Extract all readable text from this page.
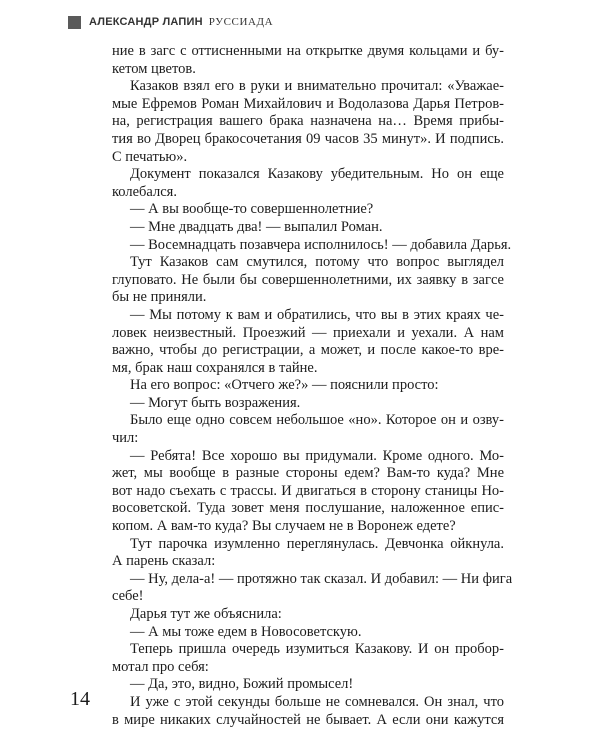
АЛЕКСАНДР ЛАПИН РУССИАДА
ние в загс с оттисненными на открытке двумя кольцами и бу-
кетом цветов.
Казаков взял его в руки и внимательно прочитал: «Уважае-
мые Ефремов Роман Михайлович и Водолазова Дарья Петров-
на, регистрация вашего брака назначена на… Время прибы-
тия во Дворец бракосочетания 09 часов 35 минут». И подпись.
С печатью».
Документ показался Казакову убедительным. Но он еще
колебался.
— А вы вообще-то совершеннолетние?
— Мне двадцать два! — выпалил Роман.
— Восемнадцать позавчера исполнилось! — добавила Дарья.
Тут Казаков сам смутился, потому что вопрос выглядел
глуповато. Не были бы совершеннолетними, их заявку в загсе
бы не приняли.
— Мы потому к вам и обратились, что вы в этих краях че-
ловек неизвестный. Проезжий — приехали и уехали. А нам
важно, чтобы до регистрации, а может, и после какое-то вре-
мя, брак наш сохранялся в тайне.
На его вопрос: «Отчего же?» — пояснили просто:
— Могут быть возражения.
Было еще одно совсем небольшое «но». Которое он и озву-
чил:
— Ребята! Все хорошо вы придумали. Кроме одного. Мо-
жет, мы вообще в разные стороны едем? Вам-то куда? Мне
вот надо съехать с трассы. И двигаться в сторону станицы Но-
восоветской. Туда зовет меня послушание, наложенное епис-
копом. А вам-то куда? Вы случаем не в Воронеж едете?
Тут парочка изумленно переглянулась. Девчонка ойкнула.
А парень сказал:
— Ну, дела-а! — протяжно так сказал. И добавил: — Ни фига
себе!
Дарья тут же объяснила:
— А мы тоже едем в Новосоветскую.
Теперь пришла очередь изумиться Казакову. И он пробор-
мотал про себя:
— Да, это, видно, Божий промысел!
И уже с этой секунды больше не сомневался. Он знал, что
в мире никаких случайностей не бывает. А если они кажутся
14
